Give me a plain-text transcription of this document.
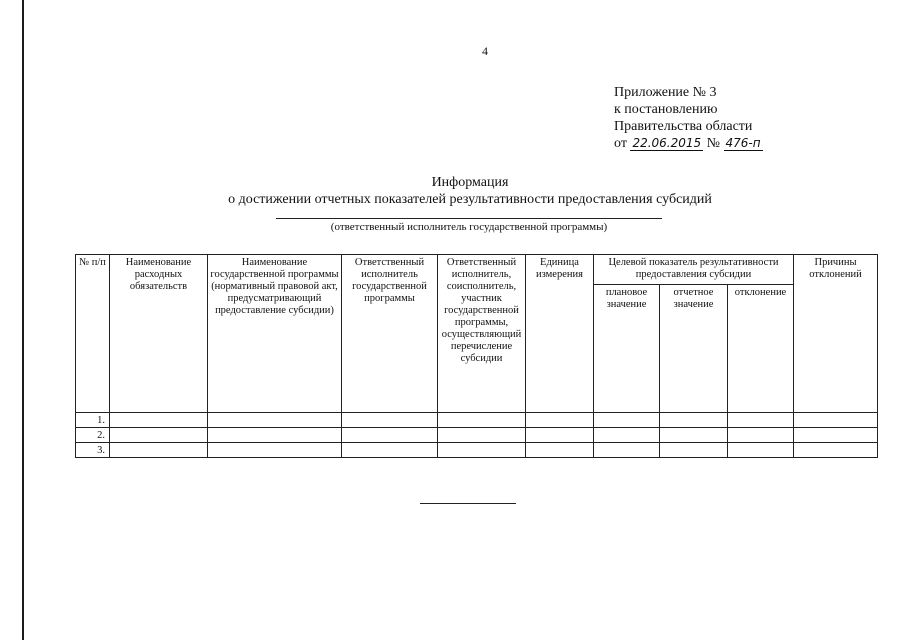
4
Приложение № 3
к постановлению
Правительства области
от 22.06.2015 № 476-п
Информация
о достижении отчетных показателей результативности предоставления субсидий
(ответственный исполнитель государственной программы)
№ п/п	Наименование расходных обязательств	Наименование государственной программы (нормативный правовой акт, предусматривающий предоставление субсидии)	Ответственный исполнитель государственной программы	Ответственный исполнитель, соисполнитель, участник государственной программы, осуществляющий перечисление субсидии	Единица измерения	Целевой показатель результативности предоставления субсидии			Причины отклонений
						плановое значение	отчетное значение	отклонение	
1.									
2.									
3.									
